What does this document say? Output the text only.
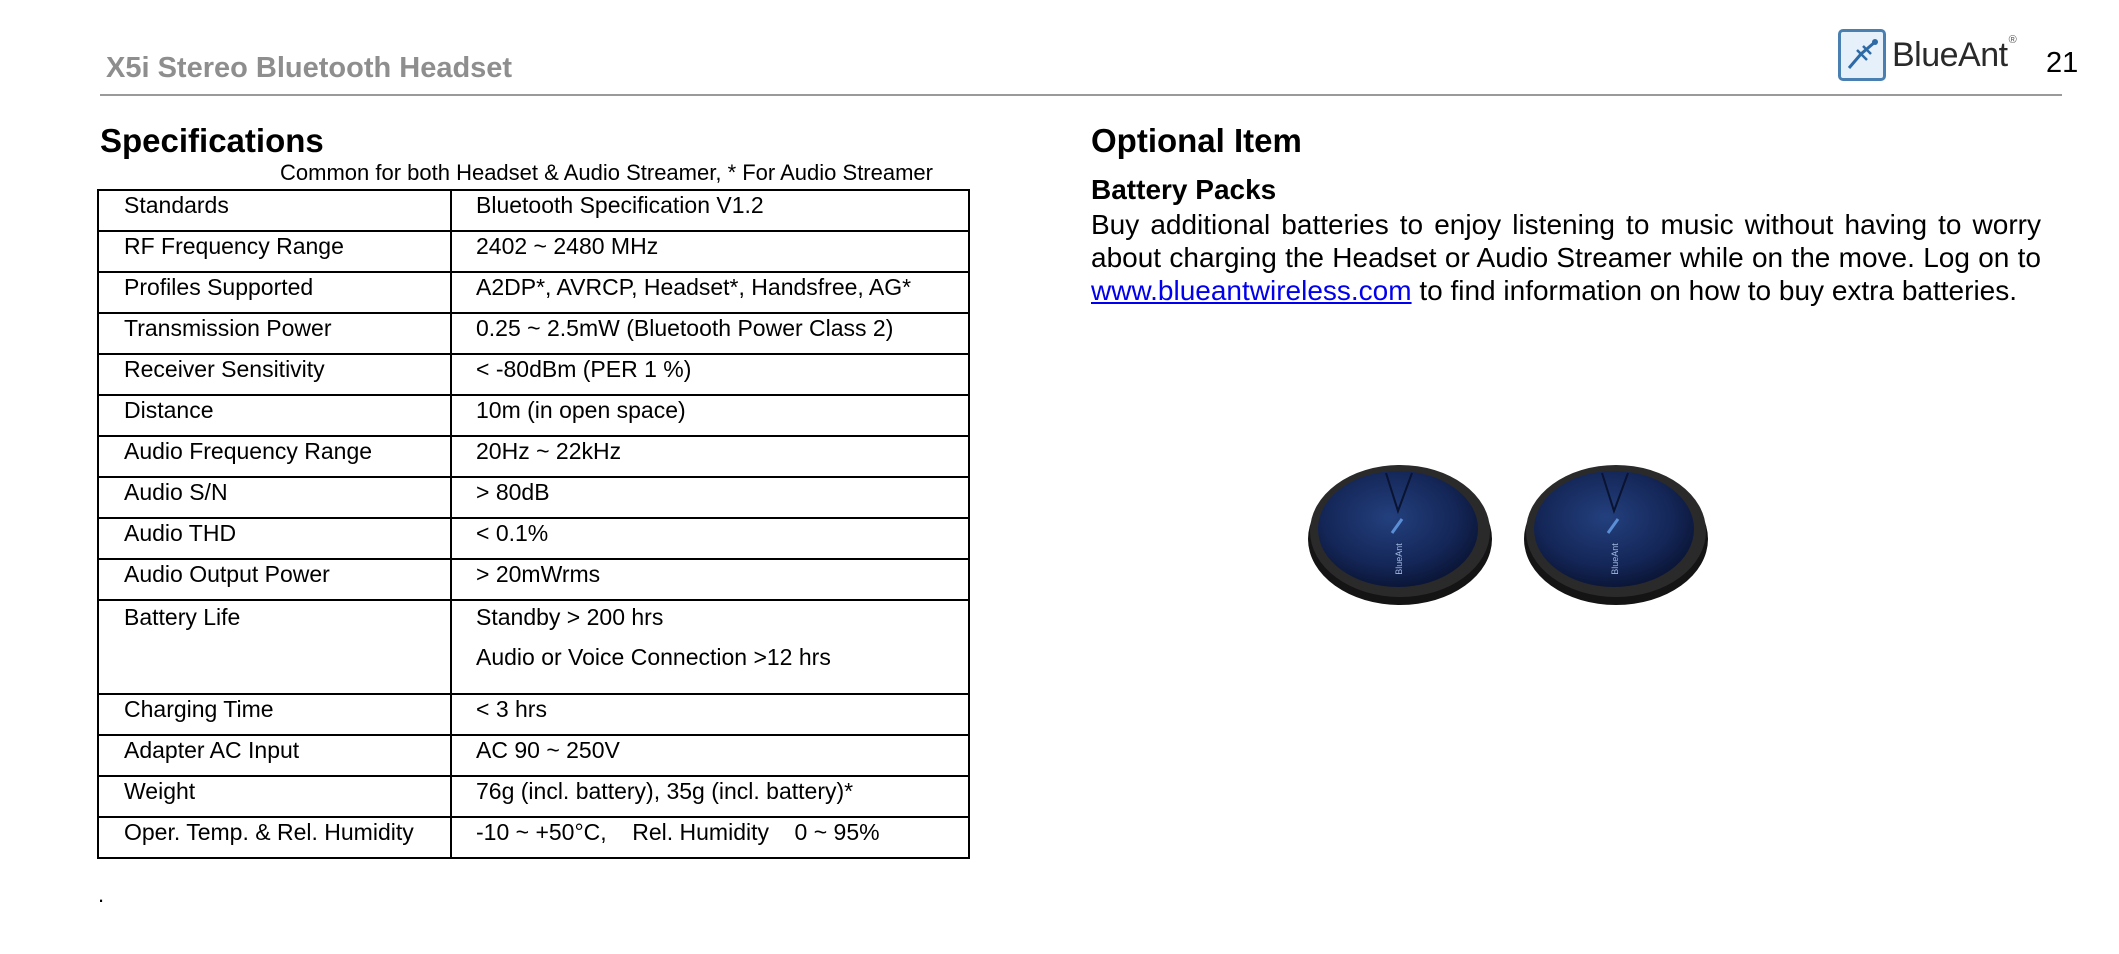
X5i Stereo Bluetooth Headset	BlueAnt ®
21
Specifications
Common for both Headset & Audio Streamer, * For Audio Streamer
Standards	Bluetooth Specification V1.2
RF Frequency Range	2402 ~ 2480 MHz
Profiles Supported	A2DP*, AVRCP, Headset*, Handsfree, AG*
Transmission Power	0.25 ~ 2.5mW (Bluetooth Power Class 2)
Receiver Sensitivity	< -80dBm (PER 1 %)
Distance	10m (in open space)
Audio Frequency Range	20Hz ~ 22kHz
Audio S/N	> 80dB
Audio THD	< 0.1%
Audio Output Power	> 20mWrms
Battery Life	Standby > 200 hrs
Audio or Voice Connection >12 hrs

Charging Time	< 3 hrs
Adapter AC Input	AC 90 ~ 250V
Weight	76g (incl. battery), 35g (incl. battery)*
Oper. Temp. & Rel. Humidity	-10 ~ +50°C,    Rel. Humidity    0 ~ 95%
.
Optional Item
Battery Packs
Buy additional batteries to enjoy listening to music without having to worry about charging the Headset or Audio Streamer while on the move. Log on to www.blueantwireless.com to find information on how to buy extra batteries.
BlueAnt	BlueAnt
